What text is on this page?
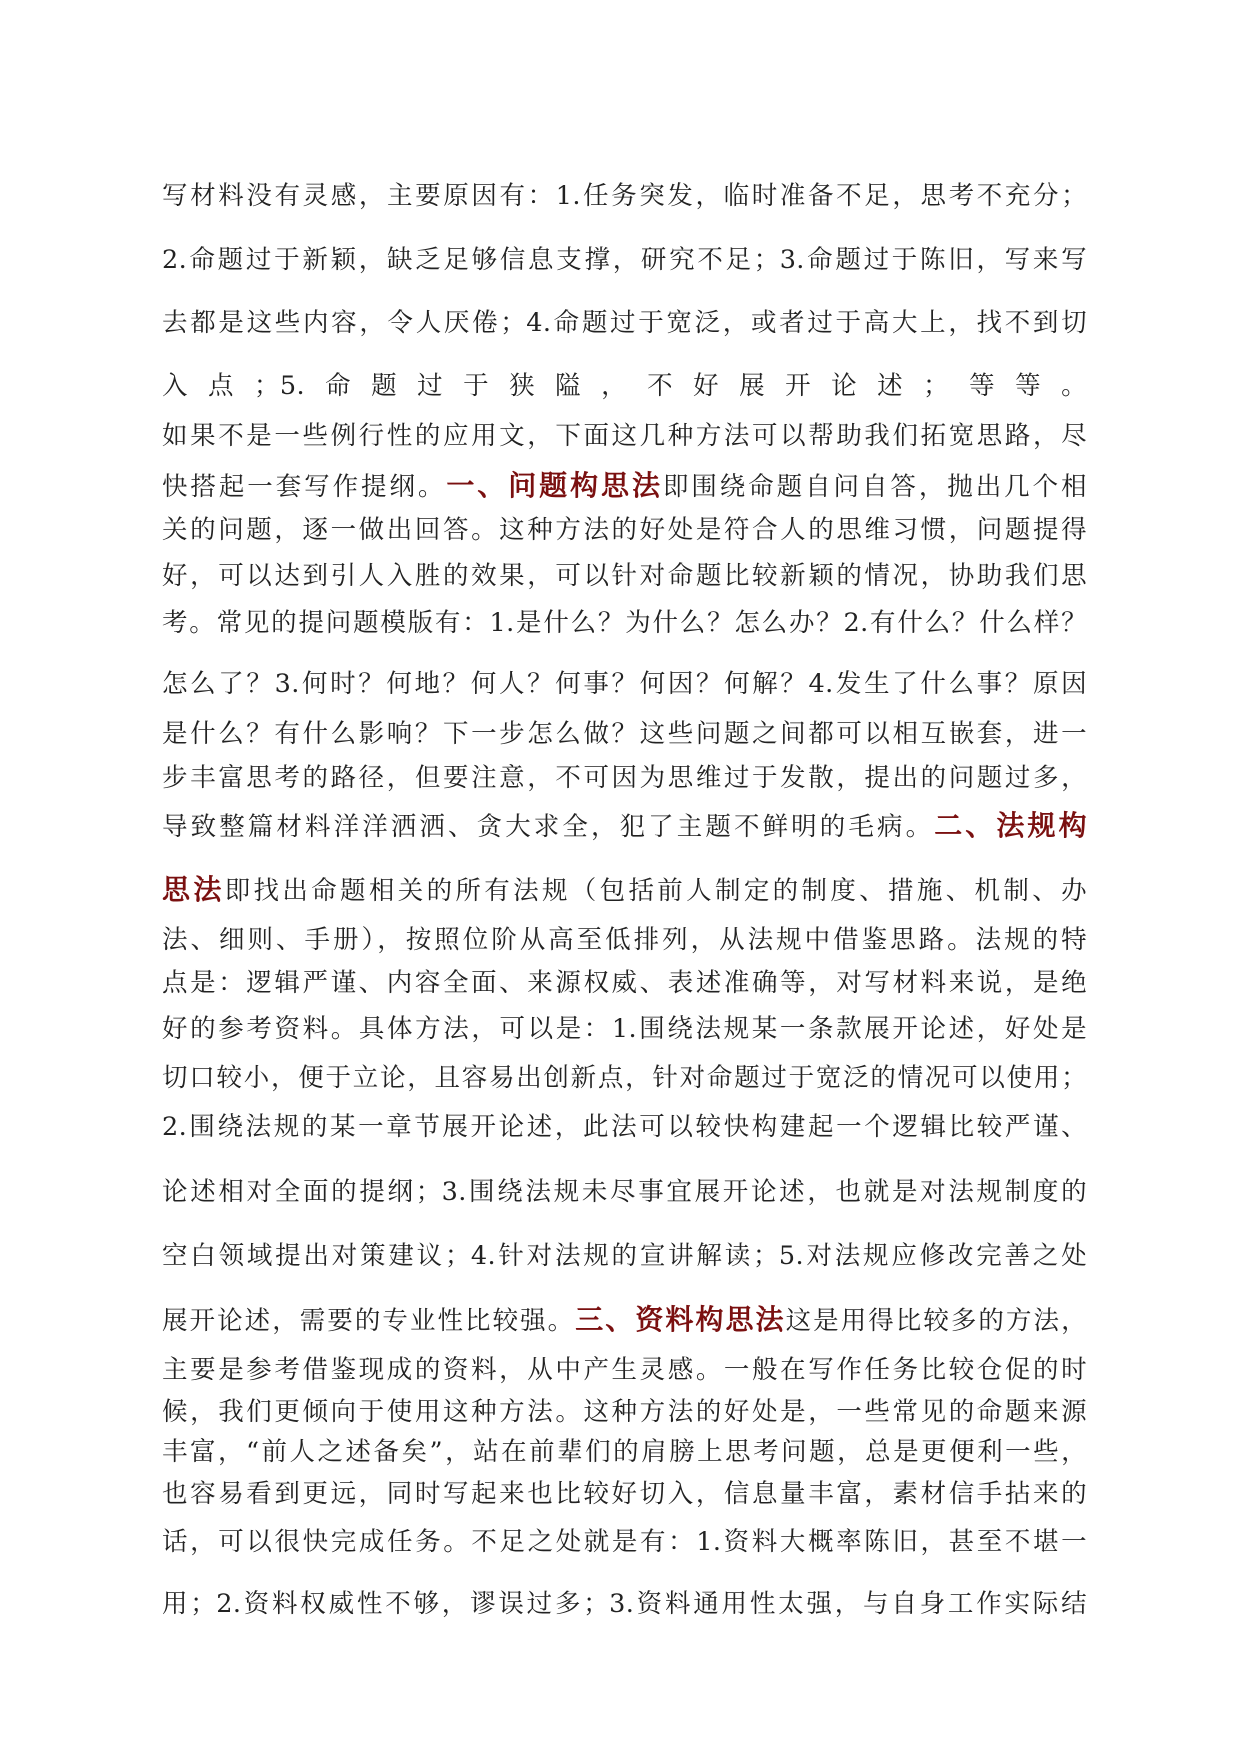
写材料没有灵感，主要原因有：1.任务突发，临时准备不足，思考不充分；
2.命题过于新颖，缺乏足够信息支撑，研究不足；3.命题过于陈旧，写来写
去都是这些内容，令人厌倦；4.命题过于宽泛，或者过于高大上，找不到切
入点；5.命题过于狭隘，不好展开论述；等等。
如果不是一些例行性的应用文，下面这几种方法可以帮助我们拓宽思路，尽
快搭起一套写作提纲。一、问题构思法即围绕命题自问自答，抛出几个相
关的问题，逐一做出回答。这种方法的好处是符合人的思维习惯，问题提得
好，可以达到引人入胜的效果，可以针对命题比较新颖的情况，协助我们思
考。常见的提问题模版有：1.是什么？为什么？怎么办？2.有什么？什么样？
怎么了？3.何时？何地？何人？何事？何因？何解？4.发生了什么事？原因
是什么？有什么影响？下一步怎么做？这些问题之间都可以相互嵌套，进一
步丰富思考的路径，但要注意，不可因为思维过于发散，提出的问题过多，
导致整篇材料洋洋洒洒、贪大求全，犯了主题不鲜明的毛病。二、法规构
思法即找出命题相关的所有法规（包括前人制定的制度、措施、机制、办
法、细则、手册），按照位阶从高至低排列，从法规中借鉴思路。法规的特
点是：逻辑严谨、内容全面、来源权威、表述准确等，对写材料来说，是绝
好的参考资料。具体方法，可以是：1.围绕法规某一条款展开论述，好处是
切口较小，便于立论，且容易出创新点，针对命题过于宽泛的情况可以使用；
2.围绕法规的某一章节展开论述，此法可以较快构建起一个逻辑比较严谨、
论述相对全面的提纲；3.围绕法规未尽事宜展开论述，也就是对法规制度的
空白领域提出对策建议；4.针对法规的宣讲解读；5.对法规应修改完善之处
展开论述，需要的专业性比较强。三、资料构思法这是用得比较多的方法，
主要是参考借鉴现成的资料，从中产生灵感。一般在写作任务比较仓促的时
候，我们更倾向于使用这种方法。这种方法的好处是，一些常见的命题来源
丰富，“前人之述备矣”，站在前辈们的肩膀上思考问题，总是更便利一些，
也容易看到更远，同时写起来也比较好切入，信息量丰富，素材信手拈来的
话，可以很快完成任务。不足之处就是有：1.资料大概率陈旧，甚至不堪一
用；2.资料权威性不够，谬误过多；3.资料通用性太强，与自身工作实际结
